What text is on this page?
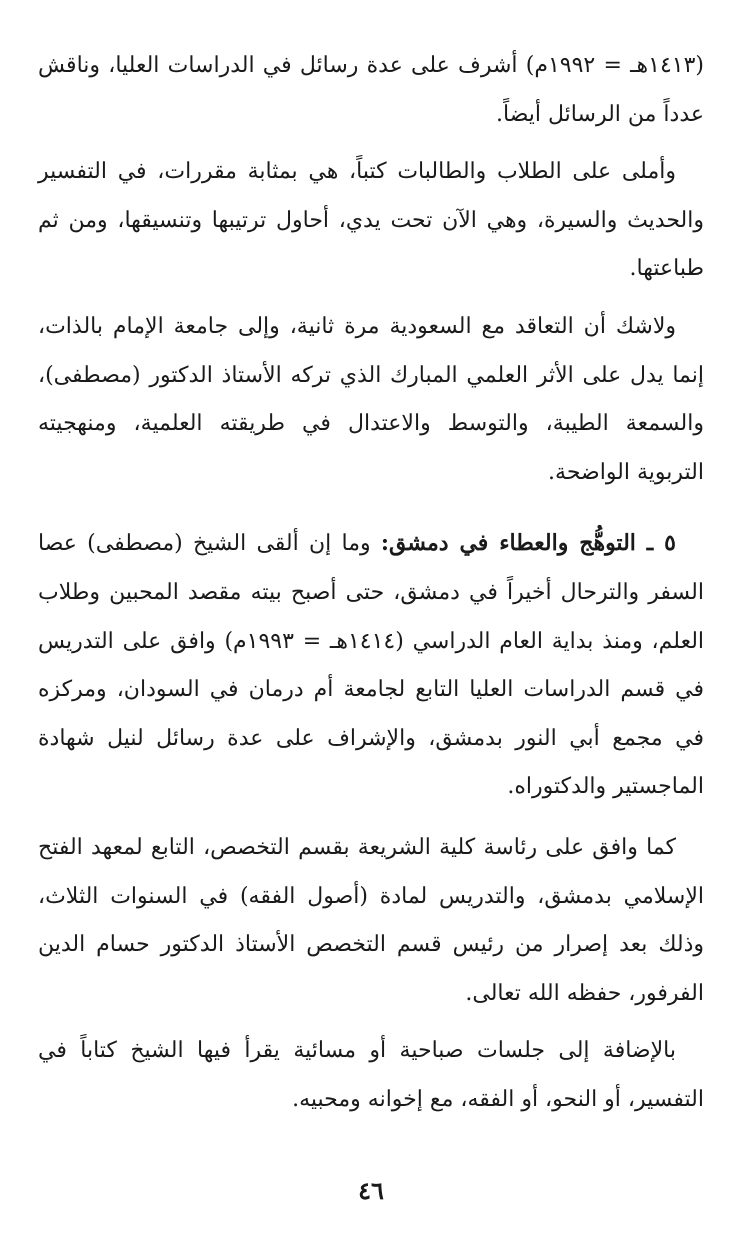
(١٤١٣هـ = ١٩٩٢م) أشرف على عدة رسائل في الدراسات العليا، وناقش عدداً من الرسائل أيضاً.

وأملى على الطلاب والطالبات كتباً، هي بمثابة مقررات، في التفسير والحديث والسيرة، وهي الآن تحت يدي، أحاول ترتيبها وتنسيقها، ومن ثم طباعتها.

ولاشك أن التعاقد مع السعودية مرة ثانية، وإلى جامعة الإمام بالذات، إنما يدل على الأثر العلمي المبارك الذي تركه الأستاذ الدكتور (مصطفى)، والسمعة الطيبة، والتوسط والاعتدال في طريقته العلمية، ومنهجيته التربوية الواضحة.

٥ ـ التوهُّج والعطاء في دمشق: وما إن ألقى الشيخ (مصطفى) عصا السفر والترحال أخيراً في دمشق، حتى أصبح بيته مقصد المحبين وطلاب العلم، ومنذ بداية العام الدراسي (١٤١٤هـ = ١٩٩٣م) وافق على التدريس في قسم الدراسات العليا التابع لجامعة أم درمان في السودان، ومركزه في مجمع أبي النور بدمشق، والإشراف على عدة رسائل لنيل شهادة الماجستير والدكتوراه.

كما وافق على رئاسة كلية الشريعة بقسم التخصص، التابع لمعهد الفتح الإسلامي بدمشق، والتدريس لمادة (أصول الفقه) في السنوات الثلاث، وذلك بعد إصرار من رئيس قسم التخصص الأستاذ الدكتور حسام الدين الفرفور، حفظه الله تعالى.

بالإضافة إلى جلسات صباحية أو مسائية يقرأ فيها الشيخ كتاباً في التفسير، أو النحو، أو الفقه، مع إخوانه ومحبيه.

٤٦
